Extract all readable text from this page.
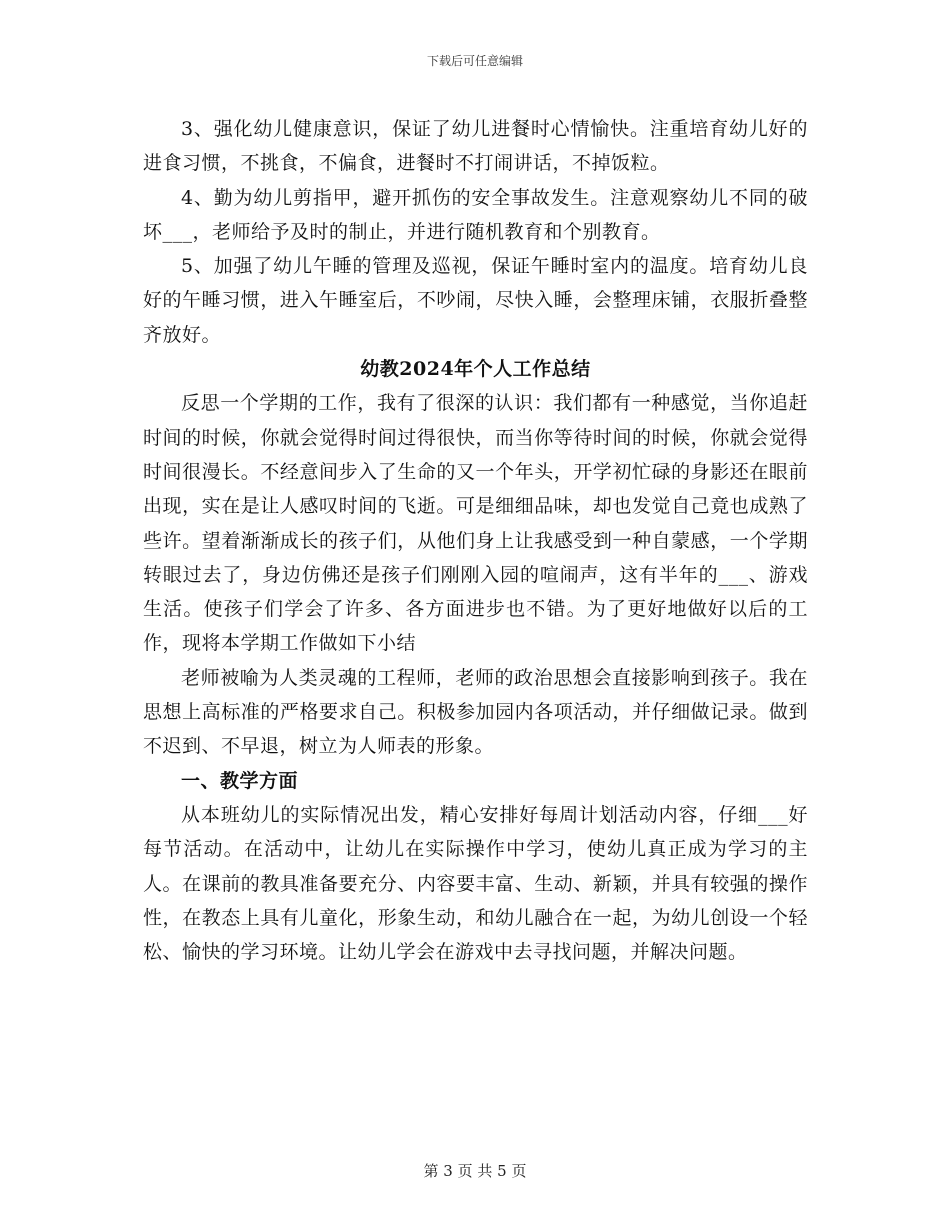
下载后可任意编辑

3、强化幼儿健康意识，保证了幼儿进餐时心情愉快。注重培育幼儿好的进食习惯，不挑食，不偏食，进餐时不打闹讲话，不掉饭粒。

4、勤为幼儿剪指甲，避开抓伤的安全事故发生。注意观察幼儿不同的破坏___，老师给予及时的制止，并进行随机教育和个别教育。

5、加强了幼儿午睡的管理及巡视，保证午睡时室内的温度。培育幼儿良好的午睡习惯，进入午睡室后，不吵闹，尽快入睡，会整理床铺，衣服折叠整齐放好。

幼教2024年个人工作总结

反思一个学期的工作，我有了很深的认识：我们都有一种感觉，当你追赶时间的时候，你就会觉得时间过得很快，而当你等待时间的时候，你就会觉得时间很漫长。不经意间步入了生命的又一个年头，开学初忙碌的身影还在眼前出现，实在是让人感叹时间的飞逝。可是细细品味，却也发觉自己竟也成熟了些许。望着渐渐成长的孩子们，从他们身上让我感受到一种自蒙感，一个学期转眼过去了，身边仿佛还是孩子们刚刚入园的喧闹声，这有半年的___、游戏生活。使孩子们学会了许多、各方面进步也不错。为了更好地做好以后的工作，现将本学期工作做如下小结

老师被喻为人类灵魂的工程师，老师的政治思想会直接影响到孩子。我在思想上高标准的严格要求自己。积极参加园内各项活动，并仔细做记录。做到不迟到、不早退，树立为人师表的形象。

一、教学方面

从本班幼儿的实际情况出发，精心安排好每周计划活动内容，仔细___好每节活动。在活动中，让幼儿在实际操作中学习，使幼儿真正成为学习的主人。在课前的教具准备要充分、内容要丰富、生动、新颖，并具有较强的操作性，在教态上具有儿童化，形象生动，和幼儿融合在一起，为幼儿创设一个轻松、愉快的学习环境。让幼儿学会在游戏中去寻找问题，并解决问题。

第 3 页 共 5 页
